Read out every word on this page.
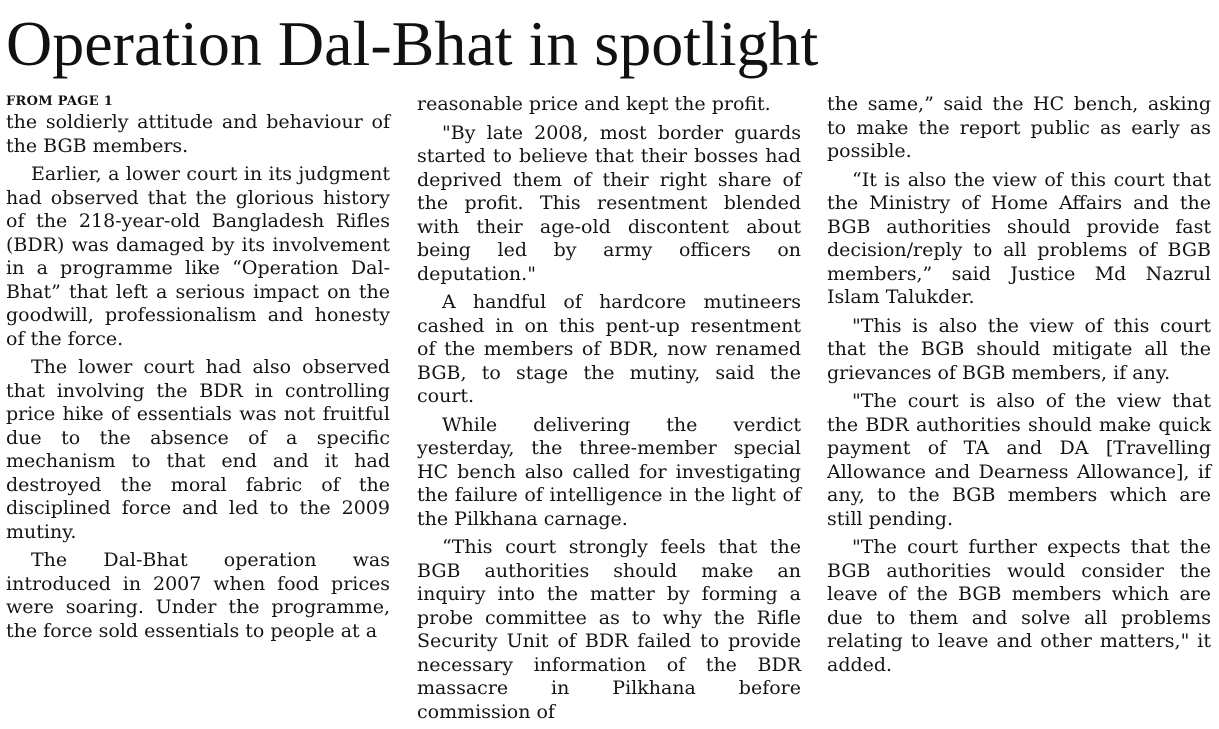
Operation Dal-Bhat in spotlight
FROM PAGE 1

the soldierly attitude and behaviour of the BGB members.

Earlier, a lower court in its judgment had observed that the glorious history of the 218-year-old Bangladesh Rifles (BDR) was damaged by its involvement in a programme like “Operation Dal-Bhat” that left a serious impact on the goodwill, professionalism and honesty of the force.

The lower court had also observed that involving the BDR in controlling price hike of essentials was not fruitful due to the absence of a specific mechanism to that end and it had destroyed the moral fabric of the disciplined force and led to the 2009 mutiny.

The Dal-Bhat operation was introduced in 2007 when food prices were soaring. Under the programme, the force sold essentials to people at a

reasonable price and kept the profit.

"By late 2008, most border guards started to believe that their bosses had deprived them of their right share of the profit. This resentment blended with their age-old discontent about being led by army officers on deputation."

A handful of hardcore mutineers cashed in on this pent-up resentment of the members of BDR, now renamed BGB, to stage the mutiny, said the court.

While delivering the verdict yesterday, the three-member special HC bench also called for investigating the failure of intelligence in the light of the Pilkhana carnage.

“This court strongly feels that the BGB authorities should make an inquiry into the matter by forming a probe committee as to why the Rifle Security Unit of BDR failed to provide necessary information of the BDR massacre in Pilkhana before commission of

the same,” said the HC bench, asking to make the report public as early as possible.

“It is also the view of this court that the Ministry of Home Affairs and the BGB authorities should provide fast decision/reply to all problems of BGB members,” said Justice Md Nazrul Islam Talukder.

"This is also the view of this court that the BGB should mitigate all the grievances of BGB members, if any.

"The court is also of the view that the BDR authorities should make quick payment of TA and DA [Travelling Allowance and Dearness Allowance], if any, to the BGB members which are still pending.

"The court further expects that the BGB authorities would consider the leave of the BGB members which are due to them and solve all problems relating to leave and other matters," it added.
